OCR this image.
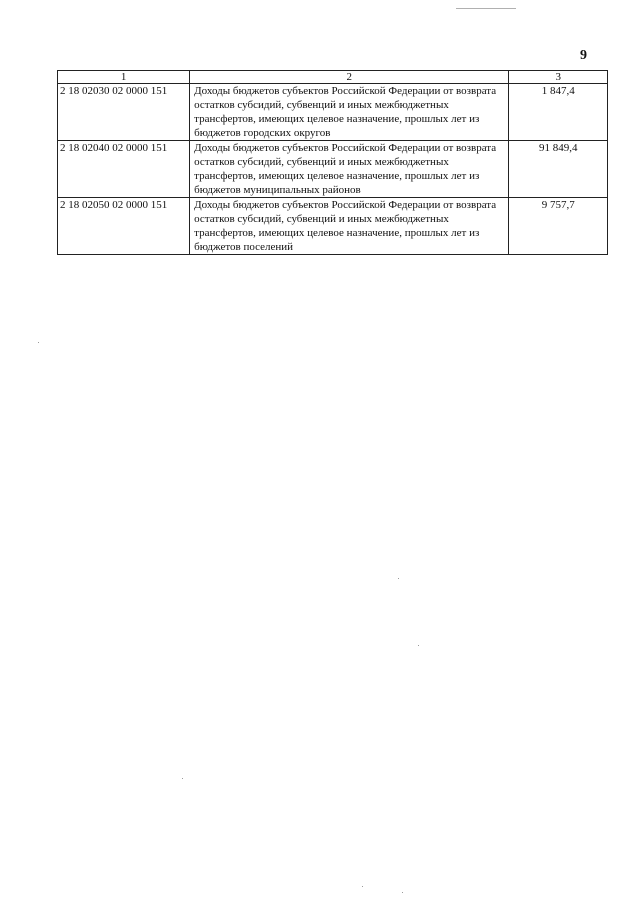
9
1	2	3
2 18 02030 02 0000 151	Доходы бюджетов субъектов Российской Федерации от возврата остатков субсидий, субвенций и иных межбюджетных трансфертов, имеющих целевое назначение, прошлых лет из бюджетов городских округов	1 847,4
2 18 02040 02 0000 151	Доходы бюджетов субъектов Российской Федерации от возврата остатков субсидий, субвенций и иных межбюджетных трансфертов, имеющих целевое назначение, прошлых лет из бюджетов муниципальных районов	91 849,4
2 18 02050 02 0000 151	Доходы бюджетов субъектов Российской Федерации от возврата остатков субсидий, субвенций и иных межбюджетных трансфертов, имеющих целевое назначение, прошлых лет из бюджетов поселений	9 757,7
